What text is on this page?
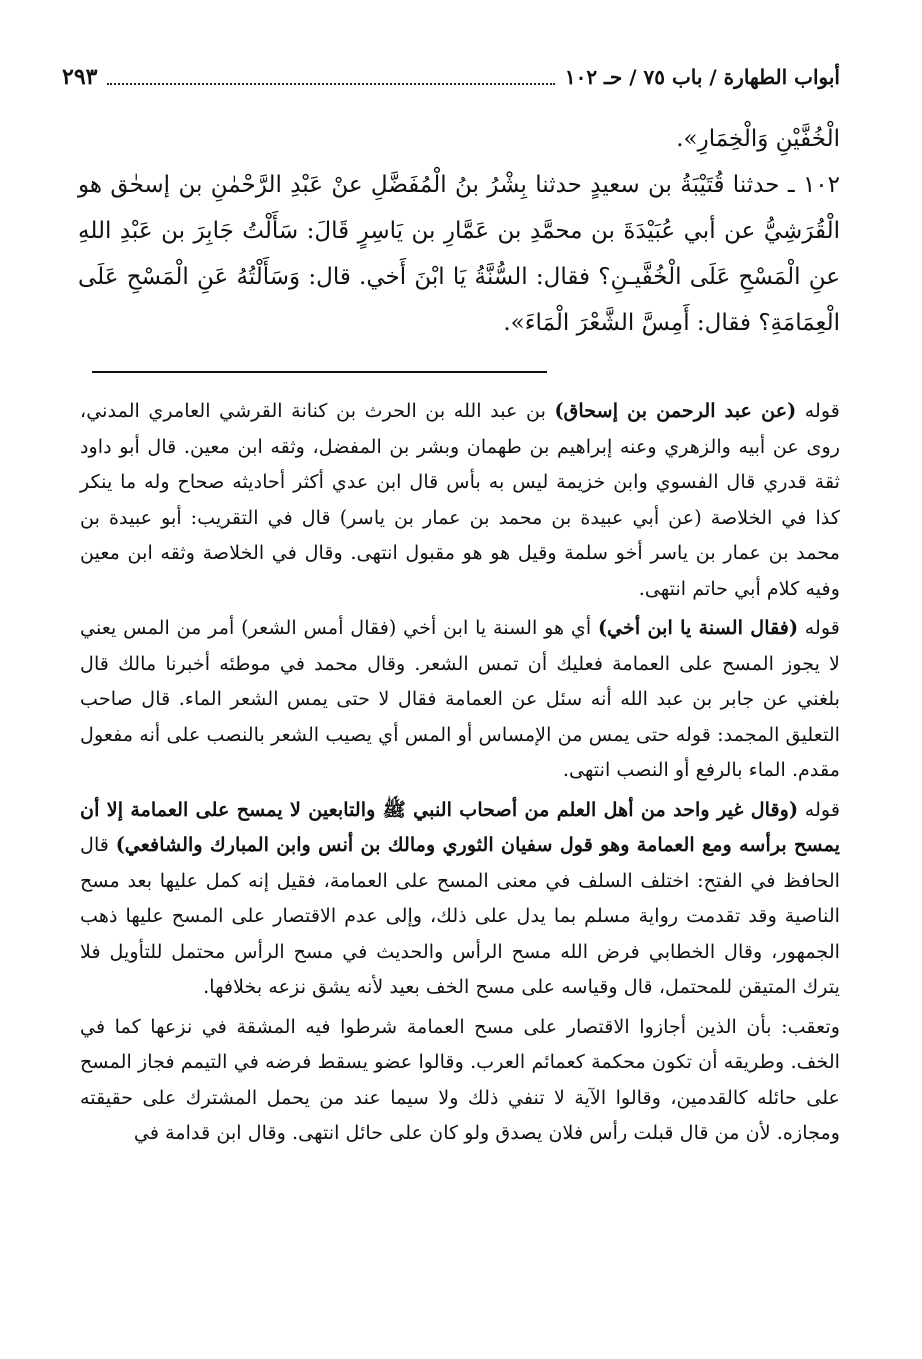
أبواب الطهارة / باب ٧٥ / حـ ١٠٢
٢٩٣

الْخُفَّيْنِ وَالْخِمَارِ».

١٠٢ ـ حدثنا قُتَيْبَةُ بن سعيدٍ حدثنا بِشْرُ بنُ الْمُفَضَّلِ عنْ عَبْدِ الرَّحْمٰنِ بن إسحٰق هو الْقُرَشِيُّ عن أبي عُبَيْدَةَ بن محمَّدِ بن عَمَّارِ بن يَاسِرٍ قَالَ: سَأَلْتُ جَابِرَ بن عَبْدِ اللهِ عنِ الْمَسْحِ عَلَى الْخُفَّيـنِ؟ فقال: السُّنَّةُ يَا ابْنَ أَخي. قال: وَسَأَلْتُهُ عَنِ الْمَسْحِ عَلَى الْعِمَامَةِ؟ فقال: أَمِسَّ الشَّعْرَ الْمَاءَ».

قوله (عن عبد الرحمن بن إسحاق) بن عبد الله بن الحرث بن كنانة القرشي العامري المدني، روى عن أبيه والزهري وعنه إبراهيم بن طهمان وبشر بن المفضل، وثقه ابن معين. قال أبو داود ثقة قدري قال الفسوي وابن خزيمة ليس به بأس قال ابن عدي أكثر أحاديثه صحاح وله ما ينكر كذا في الخلاصة (عن أبي عبيدة بن محمد بن عمار بن ياسر) قال في التقريب: أبو عبيدة بن محمد بن عمار بن ياسر أخو سلمة وقيل هو هو مقبول انتهى. وقال في الخلاصة وثقه ابن معين وفيه كلام أبي حاتم انتهى.

قوله (فقال السنة يا ابن أخي) أي هو السنة يا ابن أخي (فقال أمس الشعر) أمر من المس يعني لا يجوز المسح على العمامة فعليك أن تمس الشعر. وقال محمد في موطئه أخبرنا مالك قال بلغني عن جابر بن عبد الله أنه سئل عن العمامة فقال لا حتى يمس الشعر الماء. قال صاحب التعليق المجمد: قوله حتى يمس من الإمساس أو المس أي يصيب الشعر بالنصب على أنه مفعول مقدم. الماء بالرفع أو النصب انتهى.

قوله (وقال غير واحد من أهل العلم من أصحاب النبي ﷺ والتابعين لا يمسح على العمامة إلا أن يمسح برأسه ومع العمامة وهو قول سفيان الثوري ومالك بن أنس وابن المبارك والشافعي) قال الحافظ في الفتح: اختلف السلف في معنى المسح على العمامة، فقيل إنه كمل عليها بعد مسح الناصية وقد تقدمت رواية مسلم بما يدل على ذلك، وإلى عدم الاقتصار على المسح عليها ذهب الجمهور، وقال الخطابي فرض الله مسح الرأس والحديث في مسح الرأس محتمل للتأويل فلا يترك المتيقن للمحتمل، قال وقياسه على مسح الخف بعيد لأنه يشق نزعه بخلافها.

وتعقب: بأن الذين أجازوا الاقتصار على مسح العمامة شرطوا فيه المشقة في نزعها كما في الخف. وطريقه أن تكون محكمة كعمائم العرب. وقالوا عضو يسقط فرضه في التيمم فجاز المسح على حائله كالقدمين، وقالوا الآية لا تنفي ذلك ولا سيما عند من يحمل المشترك على حقيقته ومجازه. لأن من قال قبلت رأس فلان يصدق ولو كان على حائل انتهى. وقال ابن قدامة في
